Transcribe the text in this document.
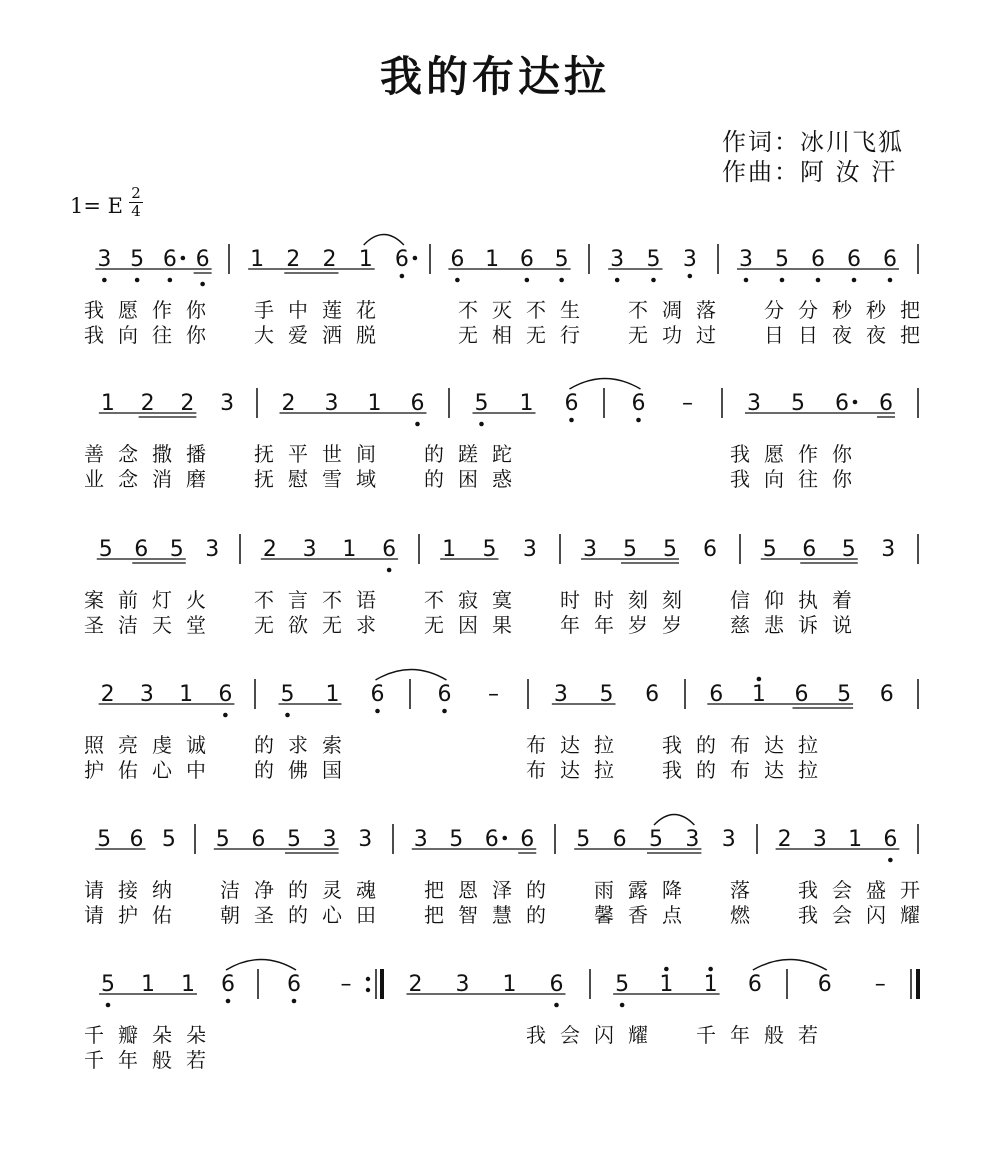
我的布达拉
作词：冰川飞狐
作曲：阿 汝 汗
1= E
2
4
3 5 6 6 1 2 2 1 6 6 1 6 5 3 5 3 3 5 6 6 6
我愿作你　手中莲花　　不灭不生　不凋落　分分秒秒把
我向往你　大爱洒脱　　无相无行　无功过　日日夜夜把
1 2 2 3 2 3 1 6 5 1 6 6 – 3 5 6 6
善念撒播　抚平世间　的蹉跎　　　　　　我愿作你
业念消磨　抚慰雪域　的困惑　　　　　　我向往你
5 6 5 3 2 3 1 6 1 5 3 3 5 5 6 5 6 5 3
案前灯火　不言不语　不寂寞　时时刻刻　信仰执着
圣洁天堂　无欲无求　无因果　年年岁岁　慈悲诉说
2 3 1 6 5 1 6 6 – 3 5 6 6 1 6 5 6
照亮虔诚　的求索　　　　　布达拉　我的布达拉
护佑心中　的佛国　　　　　布达拉　我的布达拉
5 6 5 5 6 5 3 3 3 5 6 6 5 6 5 3 3 2 3 1 6
请接纳　洁净的灵魂　把恩泽的　雨露降　落　我会盛开
请护佑　朝圣的心田　把智慧的　馨香点　燃　我会闪耀
5 1 1 6 6 –	2 3 1 6 5 1 1 6	6 –
千瓣朵朵　　　　　　　　　我会闪耀　千年般若
千年般若
